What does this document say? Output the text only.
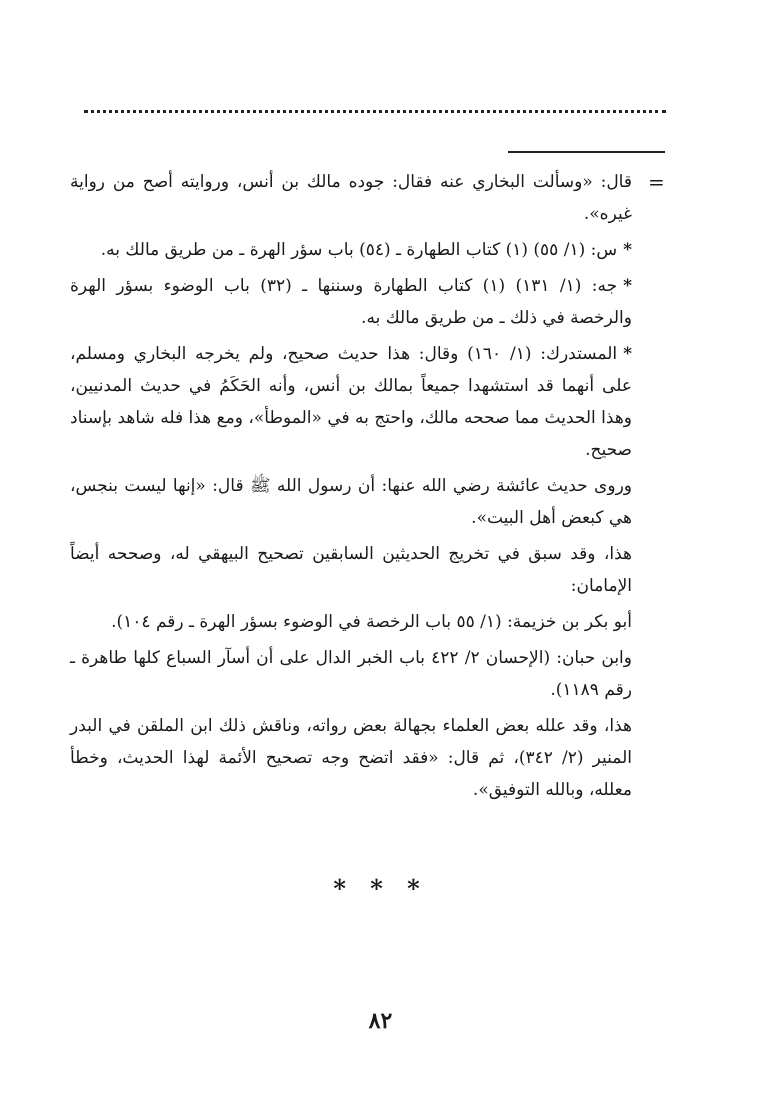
=

قال: «وسألت البخاري عنه فقال: جوده مالك بن أنس، وروايته أصح من رواية غيره».

*س: (١/ ٥٥) (١) كتاب الطهارة ـ (٥٤) باب سؤر الهرة ـ من طريق مالك به.

*جه: (١/ ١٣١) (١) كتاب الطهارة وسننها ـ (٣٢) باب الوضوء بسؤر الهرة والرخصة في ذلك ـ من طريق مالك به.

*المستدرك: (١/ ١٦٠) وقال: هذا حديث صحيح، ولم يخرجه البخاري ومسلم، على أنهما قد استشهدا جميعاً بمالك بن أنس، وأنه الحَكَمُ في حديث المدنيين، وهذا الحديث مما صححه مالك، واحتج به في «الموطأ»، ومع هذا فله شاهد بإسناد صحيح.

وروى حديث عائشة رضي الله عنها: أن رسول الله ﷺ قال: «إنها ليست بنجس، هي كبعض أهل البيت».

هذا، وقد سبق في تخريج الحديثين السابقين تصحيح البيهقي له، وصححه أيضاً الإمامان:

أبو بكر بن خزيمة: (١/ ٥٥ باب الرخصة في الوضوء بسؤر الهرة ـ رقم ١٠٤).

وابن حبان: (الإحسان ٢/ ٤٢٢ باب الخبر الدال على أن أسآر السباع كلها طاهرة ـ رقم ١١٨٩).

هذا، وقد علله بعض العلماء بجهالة بعض رواته، وناقش ذلك ابن الملقن في البدر المنير (٢/ ٣٤٢)، ثم قال: «فقد اتضح وجه تصحيح الأئمة لهذا الحديث، وخطأ معلله، وبالله التوفيق».

* * *
٨٢
